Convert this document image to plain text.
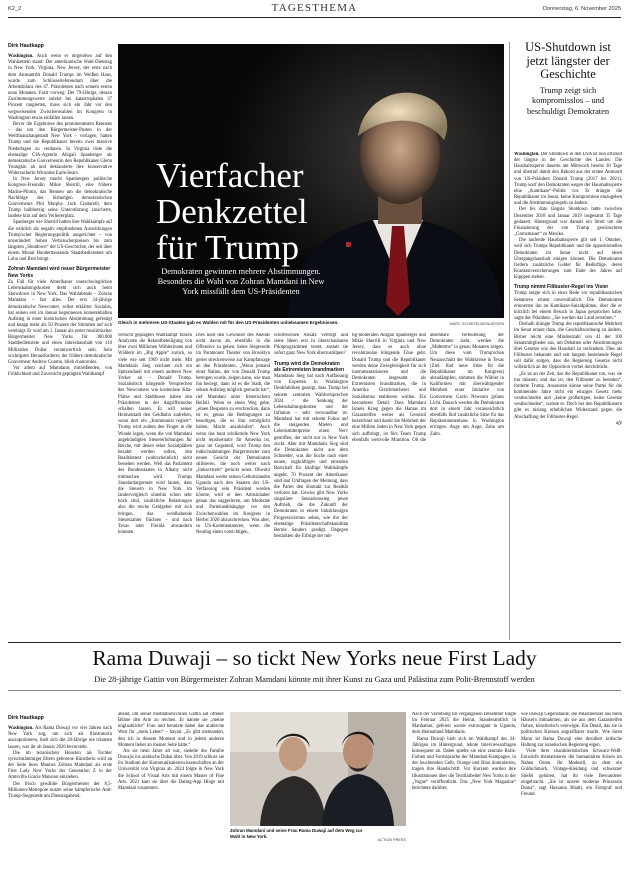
K2_2	TAGESTHEMA	Donnerstag, 6. November 2025

Dirk Hautkapp

Washington. Auch wenn er nirgendwo auf den Wahlzetteln stand: Der amerikanische Wahl-Dienstag in New York, Virginia, New Jersey, der erste nach dem Amtsantritt Donald Trumps im Weißen Haus, wurde zum Schlüsselreferendum über die Arbeitsbilanz des 47. Präsidenten nach seinem ersten neun Monaten. Fazit vorweg: Der 79-Jährige, dessen Zustimmungswerte zuletzt bei katastrophalen 37 Prozent rangierten, muss sich ein Jahr vor den wegweisenden Zwischenwahlen im Kongress in Washington etwas einfallen lassen.

Bevor die Ergebnisse des prominentesten Rennens – das um den Bürgermeister-Posten in der Weltfinanzhauptstadt New York – vorlagen, hatten Trump und die Republikaner bereits zwei massive Niederlagen zu verdauen. In Virginia löste die ehemalige CIA-Agentin Abigail Spanberger als demokratische Gouverneurin den Republikaner Glenn Youngkin ab und deklassierte ihre konservative Widersacherin Winsome Earle-Sears.

In New Jersey macht Spanbergers politische Kongress-Freundin Mikie Sherrill, eine frühere Marine-Pilotin, das Rennen um die demokratische Nachfolge des bisherigen demokratischen Gouverneurs Phil Murphy. Jack Ciattarelli, dem Trump halbherzig seine Unterstützung zusicherte, landete klar auf dem Verliererplatz.

Spanberger wie Sherrill hatten ihre Wahlkämpfe auf die wirklich als negativ empfundenen Auswirkungen Trump'scher Regierungspolitik ausgerichtet – von unverändert hohen Verbraucherpreisen bis zum längsten „Shutdown“ der US-Geschichte, der seit über einem Monat Hunderttausende Staatsbedienstete um Lohn und Brot bringt.

Zohran Mamdani wird neuer Bürgermeister New Yorks

Zu Fall für viele Amerikaner unerschwinglichen Lebenshaltungskosten dreht sich auch beim Showdown in New York. Das Wahlabends – Zohran Mamdani – fast alles. Der erst 34-jährige demokratische Newcomer, selbst erklärter Sozialist, hat seinen erst im Januar begonnenen kometenhaften Aufstieg in einer historischen Abstimmung gefestigt und knapp mehr als 50 Prozent der Stimmen auf sich vereinigt. Er wird am 1. Januar als erster muslimischer Bürgermeister New Yorks für 300.000 Stadtbedienstete und einen Jahreshaushalt von 110 Milliarden Dollar verantwortlich sein. Sein wichtigster Herausforderer, der frühere demokratische Gouverneur Andrew Cuomo, blieb chancenlos.

Vor allem auf Mamdanis mitreißenden, von Fröhlichkeit und Zuversicht geprägten Wahlkampf

Vierfacher
Denkzettel
für Trump
Demokraten gewinnen mehrere Abstimmungen. Besonders die Wahl von Zohran Mamdani in New York missfällt dem US-Präsidenten
Gleich in mehreren US-Staaten gab es Wahlen mit für den US-Präsidenten unliebsamen Ergebnissen.	MARC SCHIEFELBEIN/AP/DPA

versicht geprägten Wahlkampf führen Analysten die Rekordbeteiligung von über zwei Millionen Wählerinnen und Wählern im „Big Apple“ zurück, so viele wie seit 1969 nicht mehr. Mit Mamdanis Sieg zeichnet sich ein Spitzenduell mit einem anderen New Yorker ab – Donald Trump. Sozialistisch klingende Versprechen des Newcomers wie kostenlose Kita-Plätze und Stadtbusse haben den Präsidenten in der Angriffsmodus schalten lassen. Er will seiner Heimatstadt den Geldhahn zudrehen, wenn dort ein „Kommunist regiert“. Trump wird zudem den Finger in die Wunde legen, wenn die von Mamdani angekündigten Steuererhöhungen für Reiche, mit denen seine Sozialpläben bezahlt werden sollen, den Realitätstest (wahrscheinlich) nicht bestehen werden. Weil das Parlament des Bundesstaates in Albany nicht mitmachen wird. Trumps Standardargument wird lauten, dass die Steuern in New York im landesvergleich ohnehin schon sehr hoch sind, zusätzliche Belastungen also die reiche Geldgeber mit sich bringen, das wohlhabende Steuerzahler flüchten – und nach Texas oder Florida abwandern könnten.

Dies hielt den Gewinner des Abends nicht davon ab, ebenfalls in die Offensive zu gehen. Seine Siegesrede im Paramount Theater von Brooklyn geriet streckenweise zur Kampfansage an den Präsidenten. „Wenn jemand einer Nation, der von Donald Trump betrogen wurde, zeigen kann, wie man ihn besiegt, dann ist es die Stadt, die seinen Aufstieg möglich gemacht hat“, rief Mamdani unter frenetischem Beifall. Wenn es einen Weg gebe, „einen Despoten zu erschrecken, dann ist es, genau die Bedingungen zu beseitigen, die es ihm ermöglicht haben, Macht anzuhäufen“. Auch wenn das bunt schillernde New York nicht repräsentativ für Amerika ist, ganz im Gegenteil, wird Trump den indischstämmigen Bürgermeister zum neuen Gesicht der Demokraten stilisieren, die noch weiter nach „linksextrem“ gerückt seien. Obwohl Mamdani weder seinen Geburtslanden Uganda nach den Staaten der US-Verfassung sein Präsident werden könnte, wird er den Amtsinhaber genau das suggerieren, um Moderate und Parteiunabhängige vor den Zwischenwahlen im Kongress in Herbst 2026 abzuschrecken. Was aber, so US-Kommentatoren, wenn die Neuling einen vorsichtigen,

schrittweisen Ansatz verfolgt und seine Ideen erst in überschaubaren Pilotprogrammen testet, anstatt sie sofort ganz New York überzustülpen?

Trump wird die Demokraten als Extremisten brandmarken

Mamdanis Sieg hat nach Auffassung von Experten in Washington Denkfabriken gezeigt, dass Trump bei seinem zentralen Wahlversprechen 2024 – die Senkung der Lebenshaltungskosten und der Inflation – sehr verwundbar ist. Mamdani hat mit seinem Fokus auf die steigenden Mieten und Lebensmittelpreise einen Nerv getroffen, der nicht nur in New York zuckt. Aber mit Mamdanis Sieg sind die Demokraten nicht aus dem Schneider, was die Suche nach einer neuen, zugkräftigen und einenden Botschaft für künftige Wahlkämpfe angeht. 70 Prozent der Amerikaner sind laut Umfragen der Meinung, dass die Partei den Kontakt zur Realität verloren hat. Gewiss gibt New Yorks singulärer Sensationssieg jenen Auftrieb, die die Zukunft der Demokraten in einem linksklassigen Progressivismus sehen, wie ihn der ehemalige Präsidentschaftskandidat Bernie Sanders predigt. Dagegen bestärkten die Erfolge der mit-

tig-moderaten Abigail Spanberger und Mikie Sherrill in Virginia und New Jersey, dass es auch ohne revolutionäre klingende Töne geht. Donald Trump und die Republikaner werden deine Zwiegleisigkeit für sich instrumentalisieren und die Demokraten insgesamt als Extremisten brandmarken, die in Amerika Gleichmacherei und Sozialismus etablieren wollen. Ein besonderes Detail: Dass Mamdani Israels Krieg gegen die Hamas im Gazastreifen weiter als Genozid bezeichnet und damit die Mehrheit der eine Million Juden in New York gegen sich aufbringt, ist fürs Team Trump ebenfalls wertvolle Munition. Ob die absehbare Verteufelung der Demokraten zieht, werden die „Midterms“ in genau Monaten zeigen. Um diese vom Trump'schen Neuzuschnitt der Wahlkreise in Texas (Ziel: fünf neue Sitze für die Republikaner im Kongress) abzudämpfen, stimmen die Wähler in Kalifornien mit überwältigender Mehrheit einer Initiative von Gouverneur Gavin Newsom grünes Licht. Danach werden die Demokraten dort in einem Jahr voraussichtlich ebenfalls fünf zusätzliche Sitze für das Repräsentantenhaus in Washington erringen. Auge um Auge, Zahn um Zahn.

US-Shutdown ist jetzt längster der Geschichte
Trump zeigt sich kompromisslos – und beschuldigt Demokraten

Washington. Der Shutdown in den USA ist nun offiziell der längste in der Geschichte des Landes: Die Haushaltssperre dauerte am Mittwoch bereits 36 Tage und übertraf damit den Rekord aus der ersten Amtszeit von US-Präsident Donald Trump (2017 bis 2021). Trump warf den Demokraten wegen der Haushaltssperre eine „Kamikaze“-Politik vor. Er drängte die Republikaner im Senat, keine Kompromisse einzugehen und die Abstimmungsregeln zu ändern.

Der bis dato längste Shutdown hatte zwischen Dezember 2018 und Januar 2019 insgesamt 35 Tage gedauert. Hintergrund war damals ein Streit um die Finanzierung der von Trump gewünschten „Grenzmauer“ zu Mexiko.

Die laufende Haushaltssperre gilt seit 1. Oktober, weil sich Trumps Republikaner und die oppositionellen Demokraten im Senat nicht auf einen Übergangshaushalt einigen können. Die Demokraten fordern zusätzliche Gelder für Bedürftige, deren Krankenversicherungen zum Ende des Jahres auf Kipppen stehen.

Trump nimmt Filibuster-Regel ins Visier

Trump zeigte sich in einer Rede vor republikanischen Senatoren erneut unversöhnlich. Die Demokraten erinnerten ihn an Kamikaze-Suizidpiloten, über die er kürzlich bei einem Besuch in Japan gesprochen habe, sagte der Präsident. „Sie werden das Land zerstören.“

Deshalb drängte Trump die republikanische Mehrheit im Senat erneut dazu, die Geschäftsordnung zu ändern. Bisher reicht eine Mindestzahl von 41 der 100 Senatsmitglieder aus, um Debatten oder Abstimmungen über Gesetze wie den Haushalt zu verhindern. Dies als Filibuster bekannte und seit langem bestehende Regel soll dafür sorgen, dass die Regierung Gesetze nicht willkürlich an der Opposition vorbei durchdrückt.

„Es ist an der Zeit, das die Republikaner tun, was sie tun müssen, und das ist, den Filibuster zu beenden“, forderte Trump. Ansonsten könne seine Partei für die kommenden Jahre nicht ein einziges Gesetz mehr verabschieden und „keine großartigen, keine Gesetze verabschieden“, warnte er. Doch bei den Republikanern gibt es bislang erheblichen Widerstand gegen die Abschaffung der Filibuster-Regel.

afp

Rama Duwaji – so tickt New Yorks neue First Lady
Die 28-jährige Gattin von Bürgermeister Zohran Mamdani könnte mit ihrer Kunst zu Gaza und Palästina zum Polit-Brennstoff werden

Dirk Hautkapp

Washington. Als Rama Duwaji vor vier Jahren nach New York zog, um sich als Illustratorin auszuprobieren, hielt sich die 28-Jährige nie träumen lassen, was ihr ab Januar 2026 bevorsteht.

Die im texanischen Houston als Tochter syrischstämmiger Eltern geborene Künstlerin wird an der Seite ihres Mannes Zohran Mamdani als erste First Lady New Yorks der Generation Z in der Amtsvilla Gracie Mansion einziehen.

Der frisch gewählte Bürgermeister der 8,5-Millionen-Metropole nutzte seine kämpferische Anti-Trump-Siegesrede am Dienstagabend,

abend, um seiner meditationsvollen Gattin auf offener Bühne den Arm zu reichen. Er nannte sie „meine unglaubliche“ Frau und benutzte dabei das arabische Wort für „mein Leben“ – hayati. „Es gibt niemanden, den ich in diesem Moment und in jedem anderen Moment lieber an meiner Seite hätte.“

Als sie neun Jahre alt war, siedelte die Familie Duwajis ins arabische Dubai über. Von 2019 schloss sie ihr Studium der Kommunikationswissenschaften an der Universität von Virginia ab. 2024 folgte in New York die School of Visual Arts mit einem Master of Fine Arts. 2021 kam sie über die Dating-App Hinge mit Mamdani zusammen.

Zohran Mamdani und seine Frau Rama Duwaji auf dem Weg zur Wahl in New York.
ACTION PRESS

Nach der Verlobung im vergangenen Dezember folgte im Februar 2025 die Heirat. Standesamtlich in Manhattan, gefeiert wurde extravagant in Uganda, dem Heimatland Mamdanis.

Rama Duwaji hielt sich im Wahlkampf des 34-Jährigen im Hintergrund, lehnte Interviewanfragen konsequent ab. Dabei spielte sie eine zentrale Rolle. Farben und Formsprache der Mamdani-Kampagne, in der leuchtenden Gelb, Orange und Blau dominierten, tragen ihre Handschrift. Vor Kurzem wurden ihre Illustrationen über die Textilarbeiter New Yorks in der „Vogue“ veröffentlicht. Das „New York Magazine“ berichtete darüber,

wie Duwaji Gegenstände, die Palästinenser aus ihren Häusern mitnahmen, als sie aus dem Gazastreifen flohen, künstlerisch verewigte. Ein Detail, das sie in politischen Kreisen angreifbarer macht. Wie ihren Mann ist Rama Duwaji eine dezidiert kritische Haltung zur israelischen Regierung eigen.

Viele ihrer charakteristischen Schwarz-Weiß-Entwürfe thematisieren die humanitären Krisen im Nahen Osten. Ihr Modestil, zu dem ein Goldschmuck, Vintage-Kleidung und schwarzer Stiefel gehören, hat ihr viele Bewunderer eingebracht. „Sie ist unsere moderne Prinzessin Diana“, sagt Hassanin Bhatti, ein Fotograf und Freund.
